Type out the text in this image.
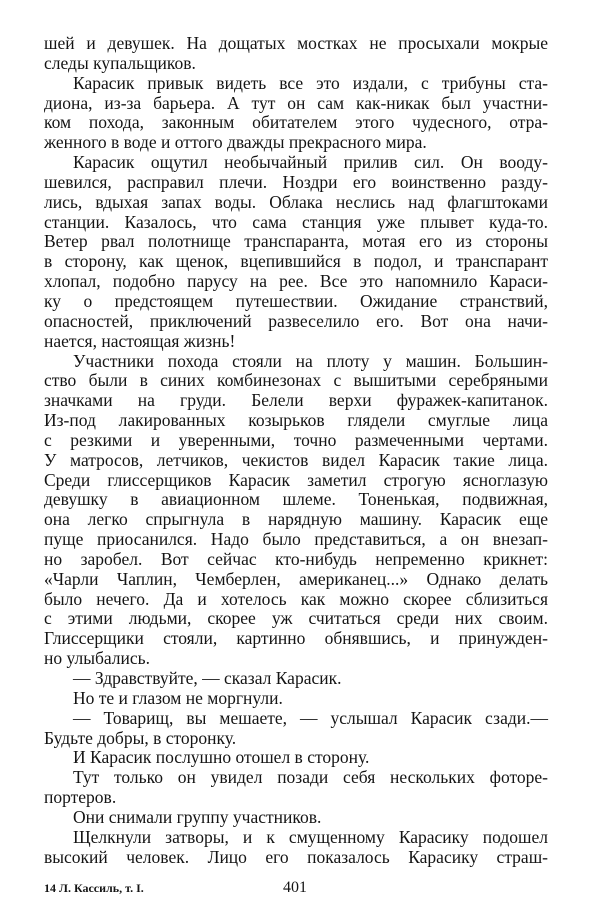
шей и девушек. На дощатых мостках не просыхали мокрые
следы купальщиков.
Карасик привык видеть все это издали, с трибуны ста-
диона, из-за барьера. А тут он сам как-никак был участни-
ком похода, законным обитателем этого чудесного, отра-
женного в воде и оттого дважды прекрасного мира.
Карасик ощутил необычайный прилив сил. Он вооду-
шевился, расправил плечи. Ноздри его воинственно разду-
лись, вдыхая запах воды. Облака неслись над флагштоками
станции. Казалось, что сама станция уже плывет куда-то.
Ветер рвал полотнище транспаранта, мотая его из стороны
в сторону, как щенок, вцепившийся в подол, и транспарант
хлопал, подобно парусу на рее. Все это напомнило Караси-
ку о предстоящем путешествии. Ожидание странствий,
опасностей, приключений развеселило его. Вот она начи-
нается, настоящая жизнь!
Участники похода стояли на плоту у машин. Большин-
ство были в синих комбинезонах с вышитыми серебряными
значками на груди. Белели верхи фуражек-капитанок.
Из-под лакированных козырьков глядели смуглые лица
с резкими и уверенными, точно размеченными чертами.
У матросов, летчиков, чекистов видел Карасик такие лица.
Среди глиссерщиков Карасик заметил строгую ясноглазую
девушку в авиационном шлеме. Тоненькая, подвижная,
она легко спрыгнула в нарядную машину. Карасик еще
пуще приосанился. Надо было представиться, а он внезап-
но заробел. Вот сейчас кто-нибудь непременно крикнет:
«Чарли Чаплин, Чемберлен, американец...» Однако делать
было нечего. Да и хотелось как можно скорее сблизиться
с этими людьми, скорее уж считаться среди них своим.
Глиссерщики стояли, картинно обнявшись, и принужден-
но улыбались.
— Здравствуйте, — сказал Карасик.
Но те и глазом не моргнули.
— Товарищ, вы мешаете, — услышал Карасик сзади.—
Будьте добры, в сторонку.
И Карасик послушно отошел в сторону.
Тут только он увидел позади себя нескольких фоторе-
портеров.
Они снимали группу участников.
Щелкнули затворы, и к смущенному Карасику подошел
высокий человек. Лицо его показалось Карасику страш-
14 Л. Кассиль, т. I.	401
